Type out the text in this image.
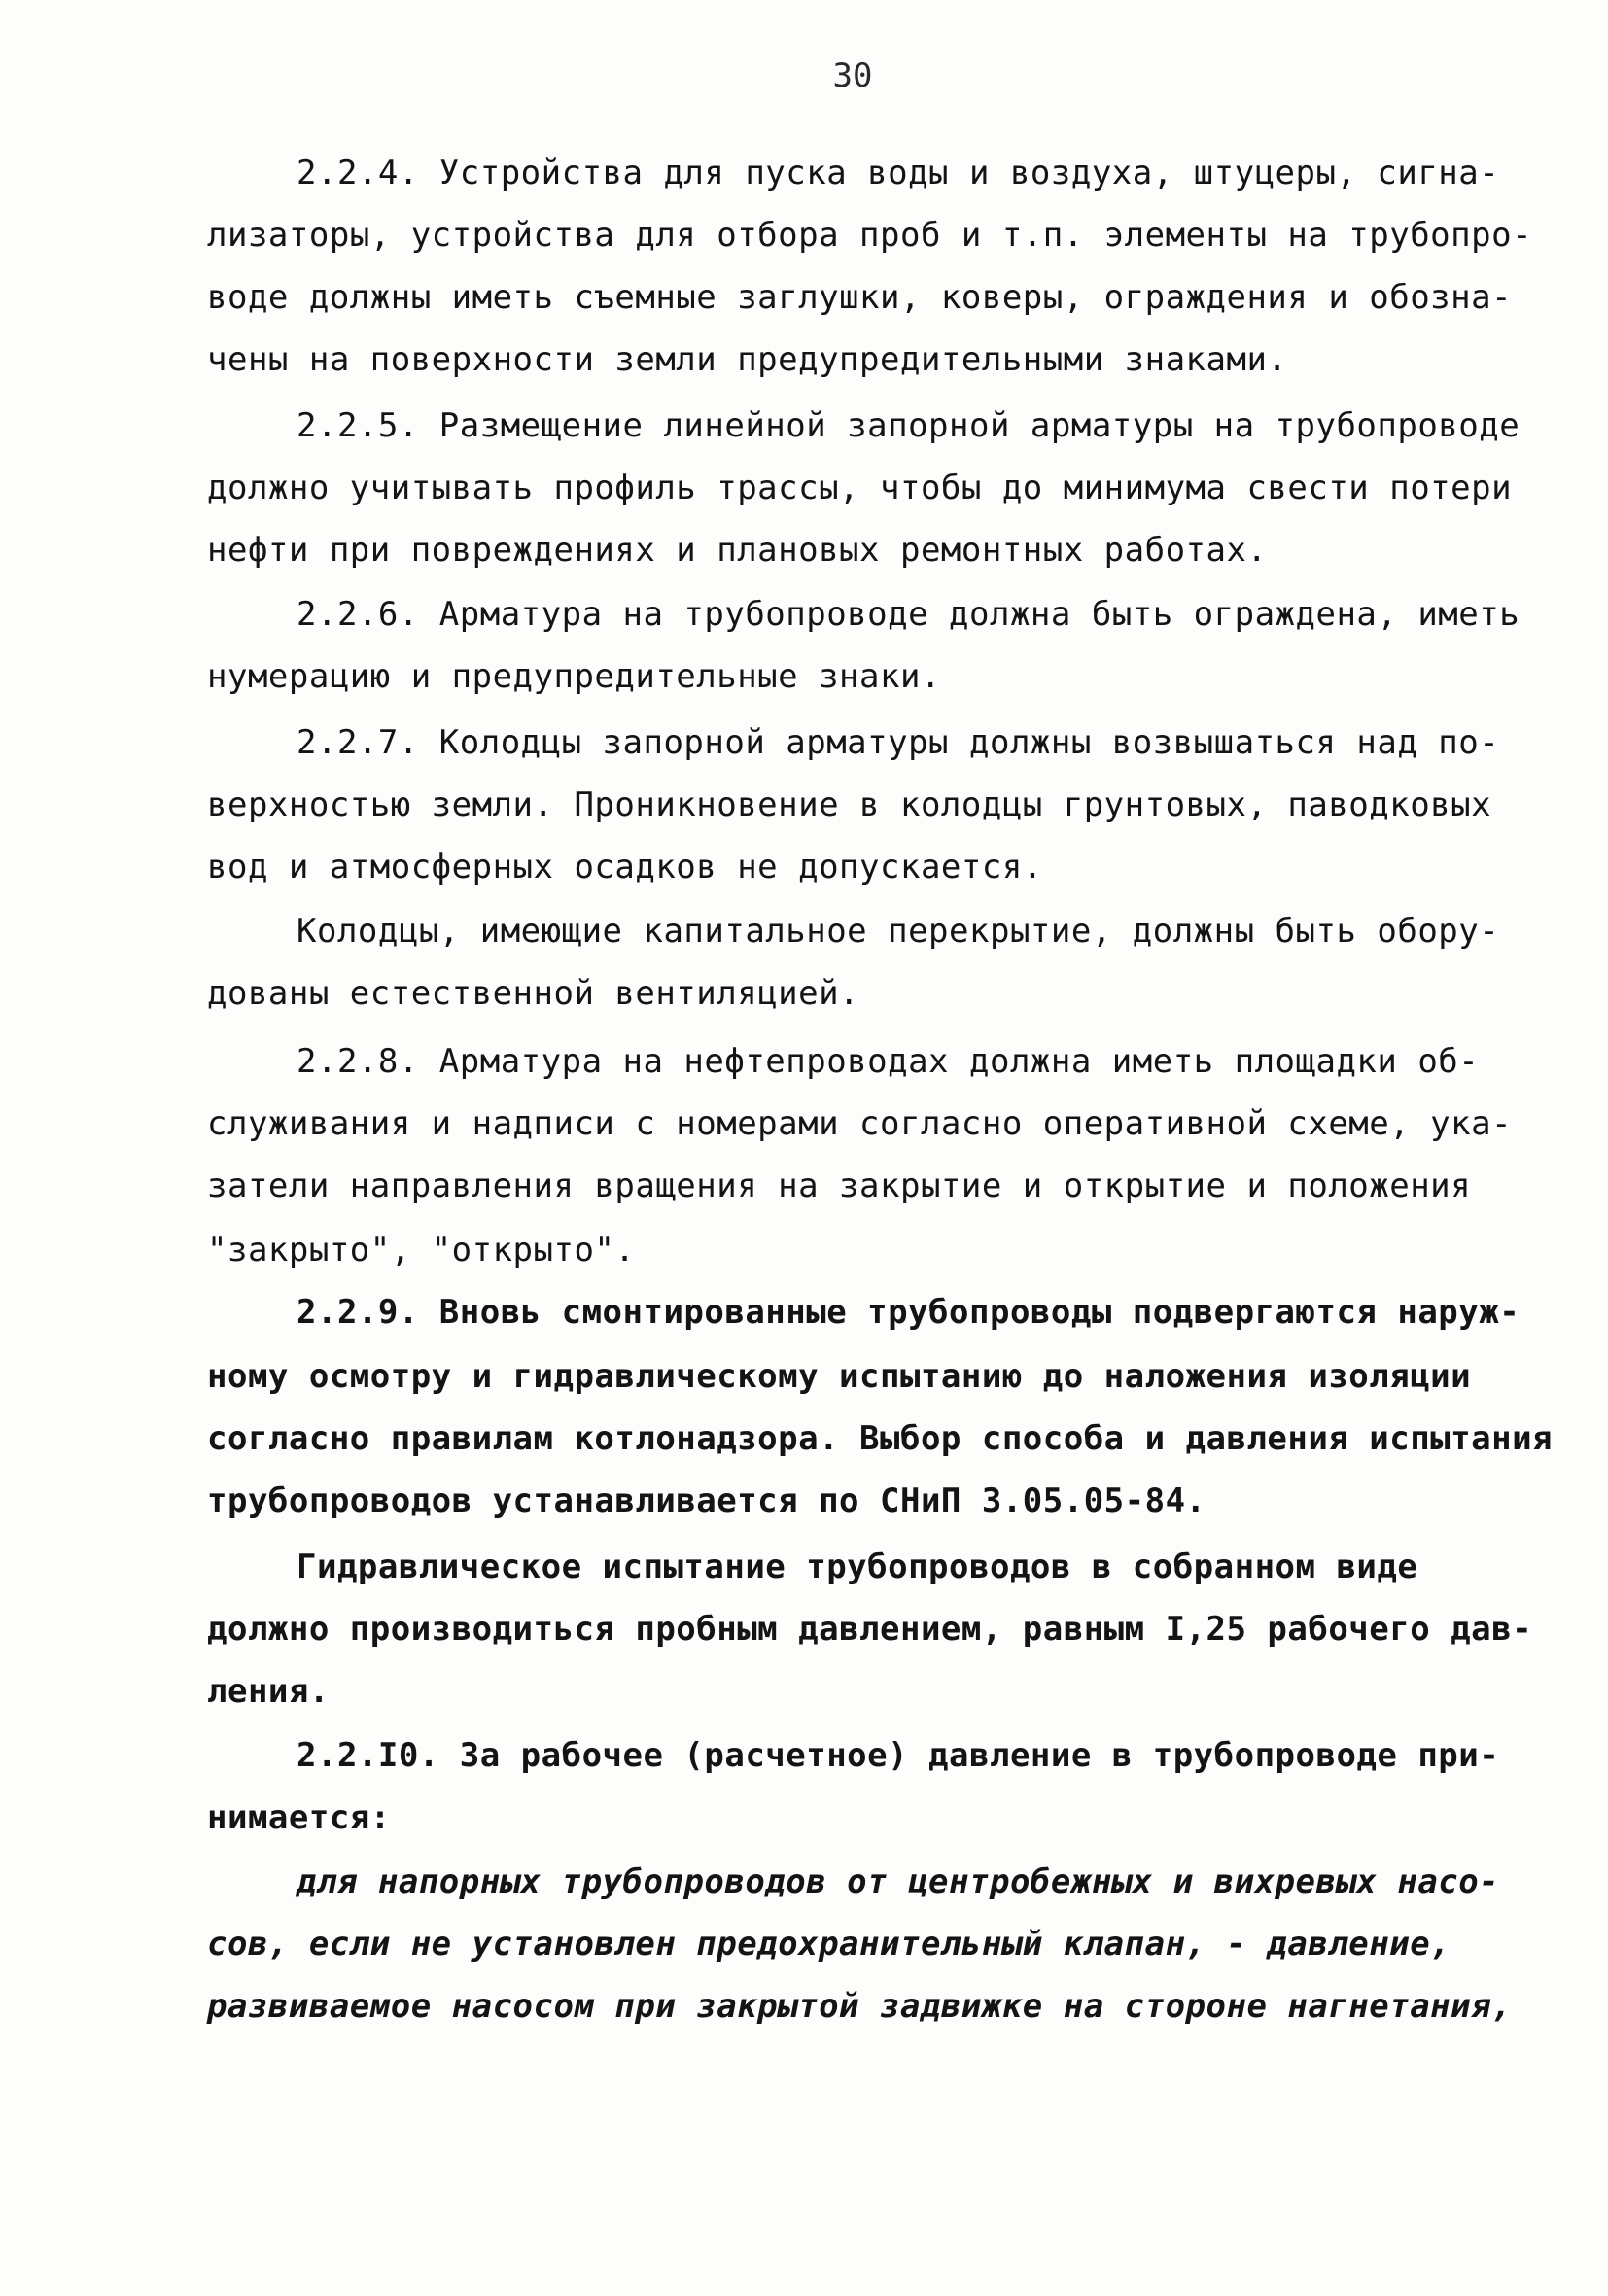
30
2.2.4. Устройства для пуска воды и воздуха, штуцеры, сигна-
лизаторы, устройства для отбора проб и т.п. элементы на трубопро-
воде должны иметь съемные заглушки, коверы, ограждения и обозна-
чены на поверхности земли предупредительными знаками.
2.2.5. Размещение линейной запорной арматуры на трубопроводе
должно учитывать профиль трассы, чтобы до минимума свести потери
нефти при повреждениях и плановых ремонтных работах.
2.2.6. Арматура на трубопроводе должна быть ограждена, иметь
нумерацию и предупредительные знаки.
2.2.7. Колодцы запорной арматуры должны возвышаться над по-
верхностью земли. Проникновение в колодцы грунтовых, паводковых
вод и атмосферных осадков не допускается.
Колодцы, имеющие капитальное перекрытие, должны быть обору-
дованы естественной вентиляцией.
2.2.8. Арматура на нефтепроводах должна иметь площадки об-
служивания и надписи с номерами согласно оперативной схеме, ука-
затели направления вращения на закрытие и открытие и положения
"закрыто", "открыто".
2.2.9. Вновь смонтированные трубопроводы подвергаются наруж-
ному осмотру и гидравлическому испытанию до наложения изоляции
согласно правилам котлонадзора. Выбор способа и давления испытания
трубопроводов устанавливается по СНиП 3.05.05-84.
Гидравлическое испытание трубопроводов в собранном виде
должно производиться пробным давлением, равным I,25 рабочего дав-
ления.
2.2.I0. За рабочее (расчетное) давление в трубопроводе при-
нимается:
для напорных трубопроводов от центробежных и вихревых насо-
сов, если не установлен предохранительный клапан, - давление,
развиваемое насосом при закрытой задвижке на стороне нагнетания,
